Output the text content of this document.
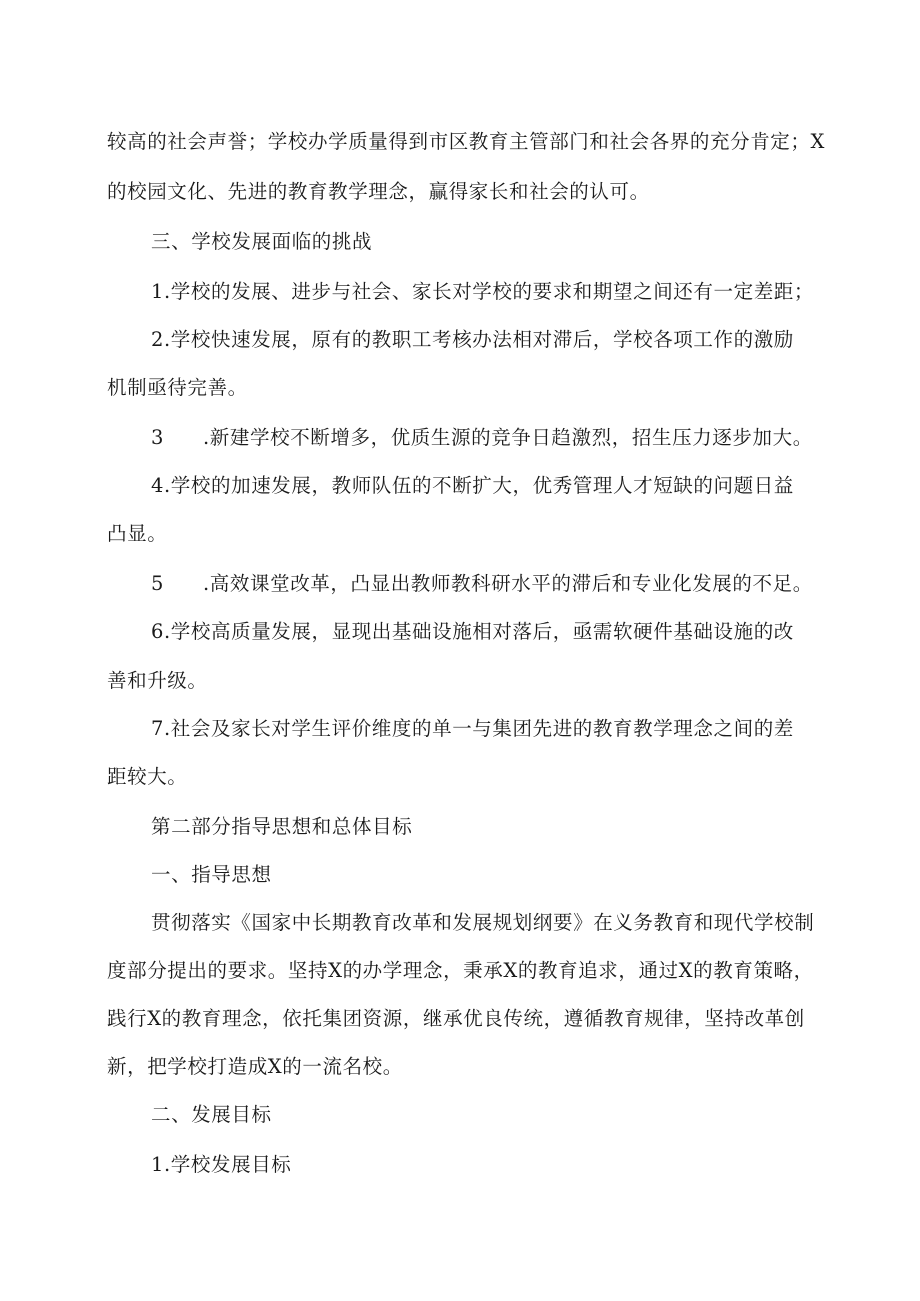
较高的社会声誉；学校办学质量得到市区教育主管部门和社会各界的充分肯定；X
的校园文化、先进的教育教学理念，赢得家长和社会的认可。
三、学校发展面临的挑战
1.学校的发展、进步与社会、家长对学校的要求和期望之间还有一定差距；
2.学校快速发展，原有的教职工考核办法相对滞后，学校各项工作的激励
机制亟待完善。
3 .新建学校不断增多，优质生源的竞争日趋激烈，招生压力逐步加大。
4.学校的加速发展，教师队伍的不断扩大，优秀管理人才短缺的问题日益
凸显。
5 .高效课堂改革，凸显出教师教科研水平的滞后和专业化发展的不足。
6.学校高质量发展，显现出基础设施相对落后，亟需软硬件基础设施的改
善和升级。
7.社会及家长对学生评价维度的单一与集团先进的教育教学理念之间的差
距较大。
第二部分指导思想和总体目标
一、指导思想
贯彻落实《国家中长期教育改革和发展规划纲要》在义务教育和现代学校制
度部分提出的要求。坚持X的办学理念，秉承X的教育追求，通过X的教育策略，
践行X的教育理念，依托集团资源，继承优良传统，遵循教育规律，坚持改革创
新，把学校打造成X的一流名校。
二、发展目标
1.学校发展目标
